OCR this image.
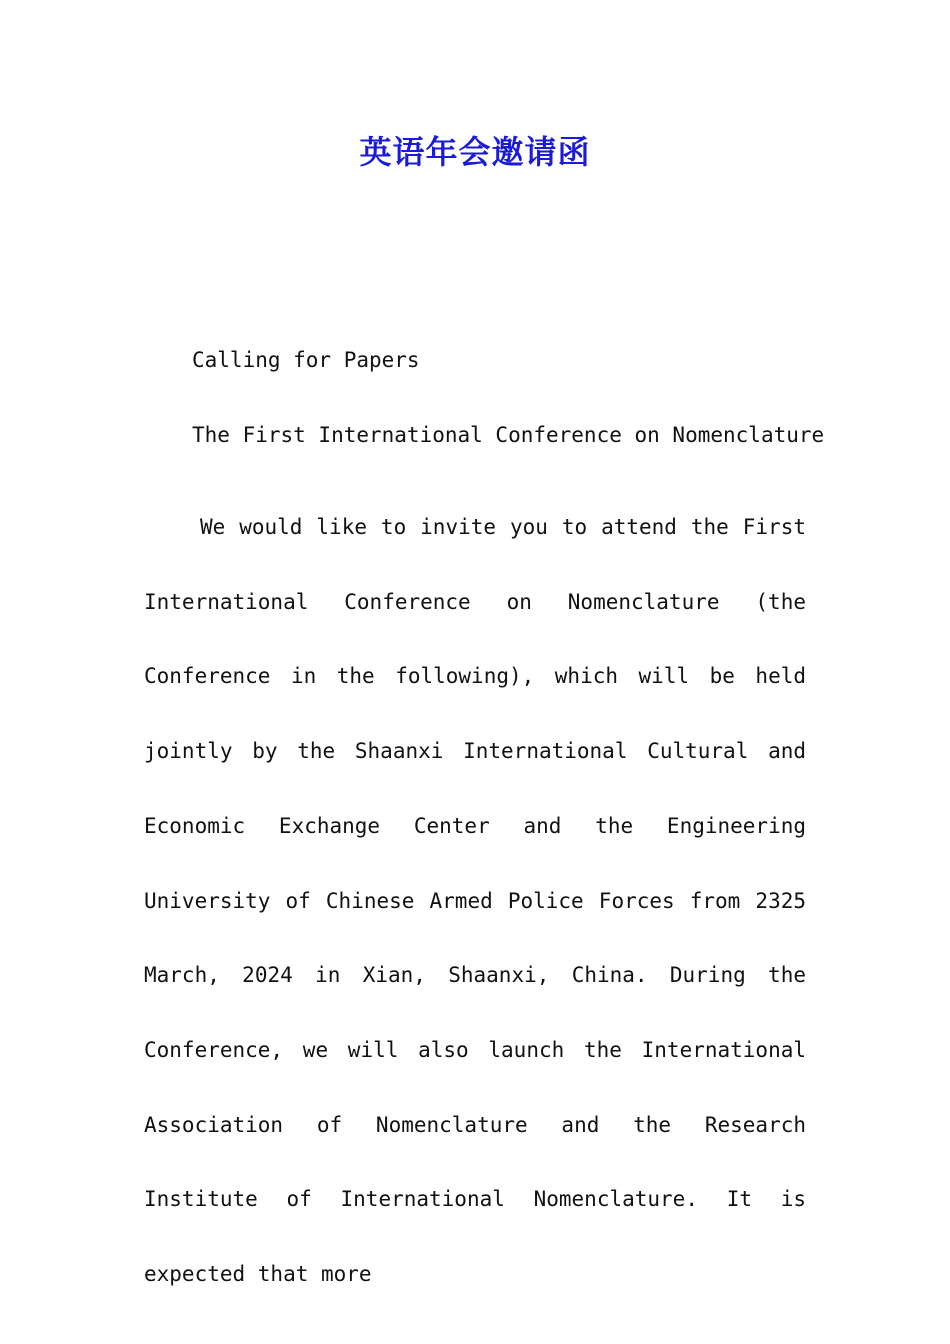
英语年会邀请函
Calling for Papers
The First International Conference on Nomenclature

We would like to invite you to attend the First International Conference on Nomenclature (the Conference in the following), which will be held jointly by the Shaanxi International Cultural and Economic Exchange Center and the Engineering University of Chinese Armed Police Forces from 2325 March, 2024 in Xian, Shaanxi, China. During the Conference, we will also launch the International Association of Nomenclature and the Research Institute of International Nomenclature. It is expected that more
